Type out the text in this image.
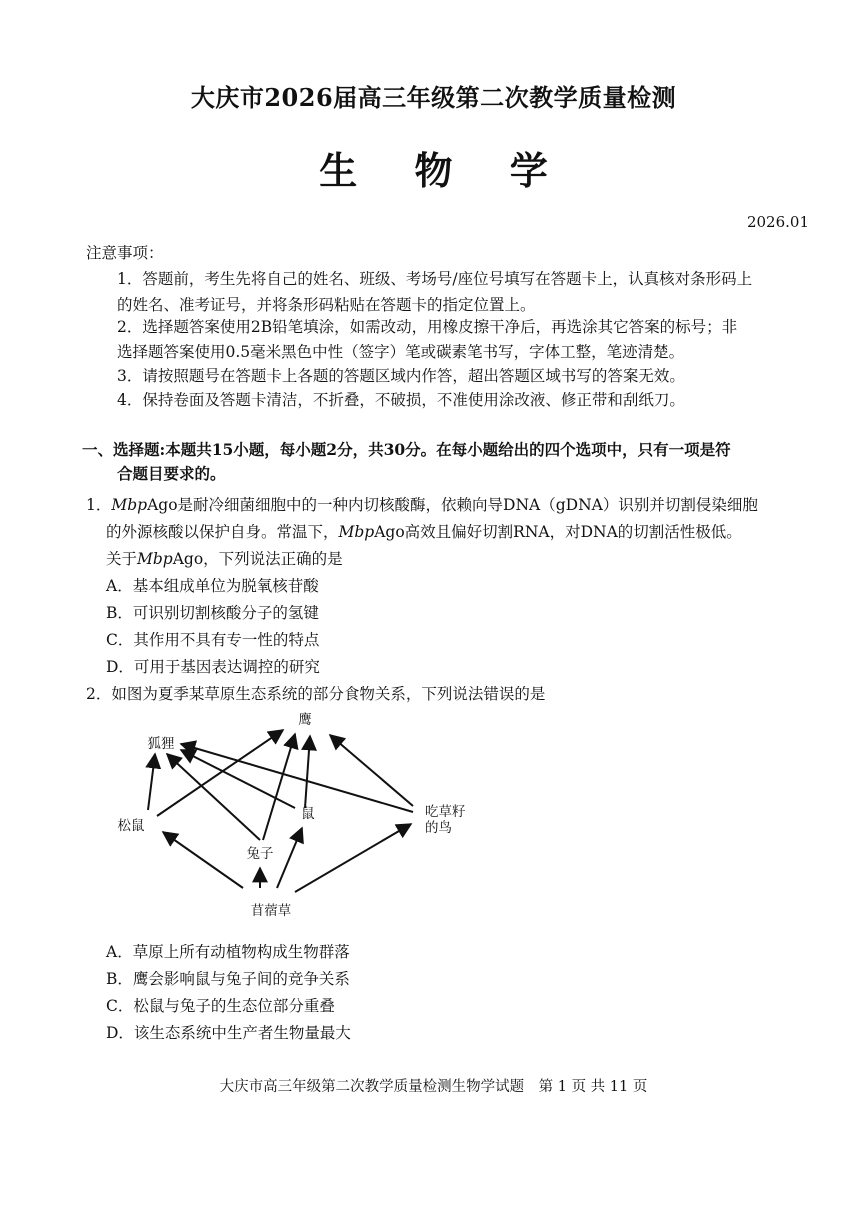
大庆市2026届高三年级第二次教学质量检测
生 物 学
2026.01
注意事项：
1．答题前，考生先将自己的姓名、班级、考场号/座位号填写在答题卡上，认真核对条形码上
的姓名、准考证号，并将条形码粘贴在答题卡的指定位置上。
2．选择题答案使用2B铅笔填涂，如需改动，用橡皮擦干净后，再选涂其它答案的标号；非
选择题答案使用0.5毫米黑色中性（签字）笔或碳素笔书写，字体工整，笔迹清楚。
3．请按照题号在答题卡上各题的答题区域内作答，超出答题区域书写的答案无效。
4．保持卷面及答题卡清洁，不折叠，不破损，不准使用涂改液、修正带和刮纸刀。
一、选择题:本题共15小题，每小题2分，共30分。在每小题给出的四个选项中，只有一项是符
合题目要求的。
1．MbpAgo是耐冷细菌细胞中的一种内切核酸酶，依赖向导DNA（gDNA）识别并切割侵染细胞
的外源核酸以保护自身。常温下，MbpAgo高效且偏好切割RNA，对DNA的切割活性极低。
关于MbpAgo，下列说法正确的是
A．基本组成单位为脱氧核苷酸
B．可识别切割核酸分子的氢键
C．其作用不具有专一性的特点
D．可用于基因表达调控的研究
2．如图为夏季某草原生态系统的部分食物关系，下列说法错误的是
鹰
狐狸
松鼠
鼠	吃草籽
的鸟
兔子
苜蓿草
A．草原上所有动植物构成生物群落
B．鹰会影响鼠与兔子间的竞争关系
C．松鼠与兔子的生态位部分重叠
D．该生态系统中生产者生物量最大
大庆市高三年级第二次教学质量检测生物学试题　第 1 页 共 11 页
